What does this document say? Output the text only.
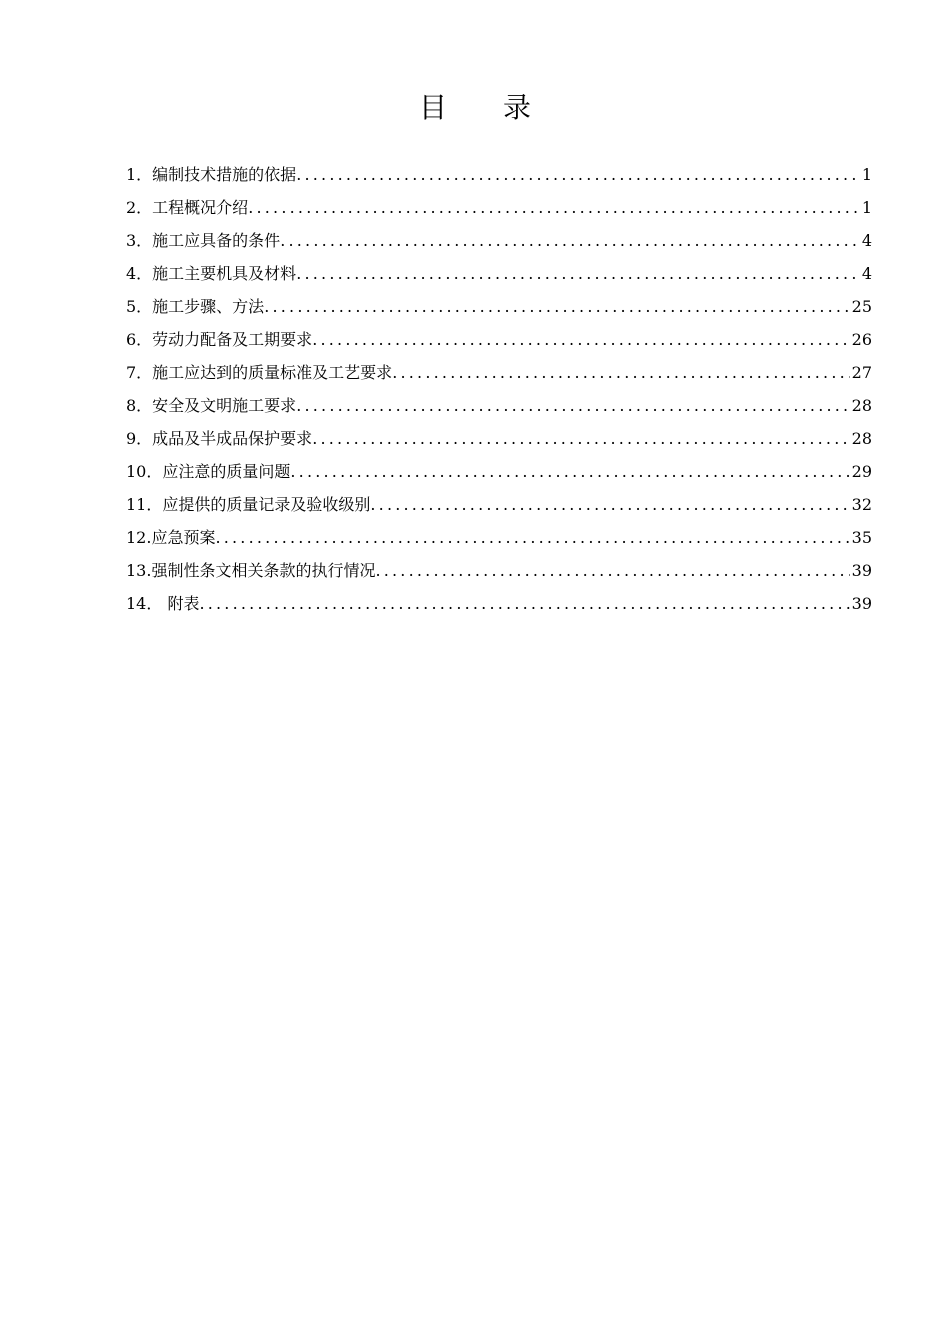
目 录
1．编制技术措施的依据 .....	1
2．工程概况介绍 .....	1
3．施工应具备的条件 .....	4
4．施工主要机具及材料 .....	4
5．施工步骤、方法 .....	25
6．劳动力配备及工期要求 .....	26
7．施工应达到的质量标准及工艺要求 .....	27
8．安全及文明施工要求 .....	28
9．成品及半成品保护要求 .....	28
10．应注意的质量问题 .....	29
11．应提供的质量记录及验收级别 .....	32
12.应急预案 .....	35
13.强制性条文相关条款的执行情况 .....	39
14． 附表 .....	39
